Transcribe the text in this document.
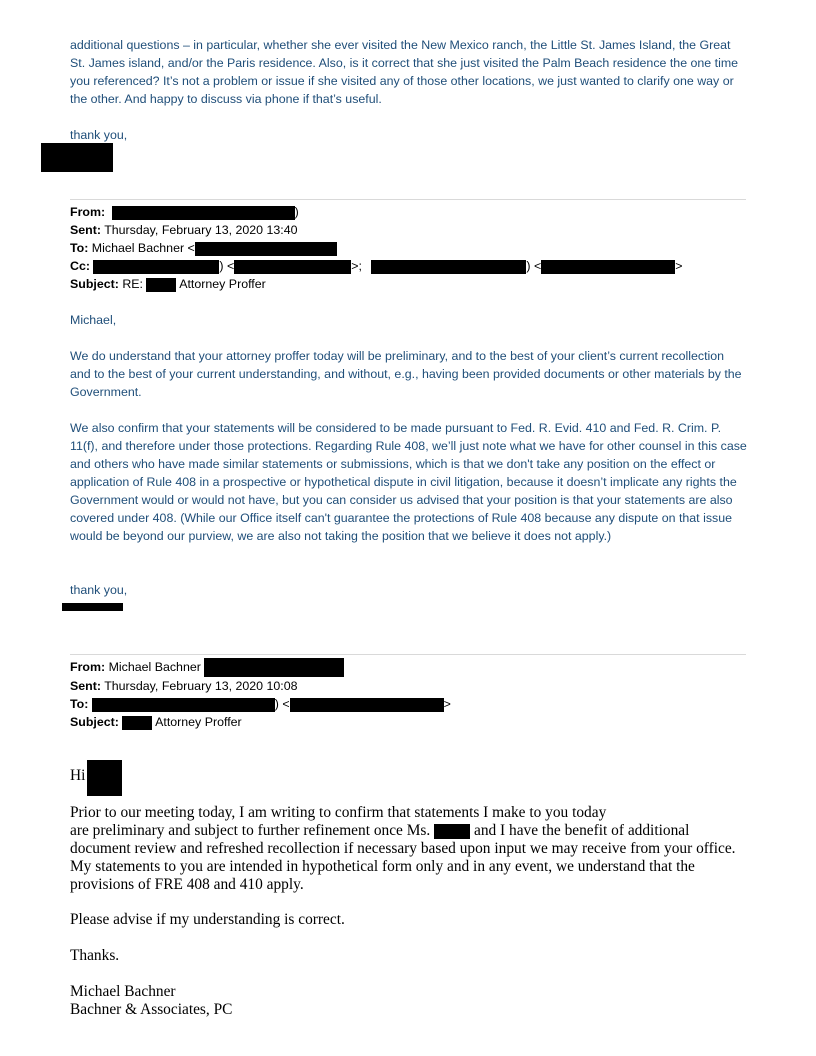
additional questions – in particular, whether she ever visited the New Mexico ranch, the Little St. James Island, the Great St. James island, and/or the Paris residence. Also, is it correct that she just visited the Palm Beach residence the one time you referenced? It’s not a problem or issue if she visited any of those other locations, we just wanted to clarify one way or the other. And happy to discuss via phone if that’s useful.

thank you,

From:	)
Sent: Thursday, February 13, 2020 13:40
To: Michael Bachner <
Cc:	) <	>;	) <	>
Subject: RE:	Attorney Proffer

Michael,

We do understand that your attorney proffer today will be preliminary, and to the best of your client’s current recollection and to the best of your current understanding, and without, e.g., having been provided documents or other materials by the Government.

We also confirm that your statements will be considered to be made pursuant to Fed. R. Evid. 410 and Fed. R. Crim. P. 11(f), and therefore under those protections. Regarding Rule 408, we’ll just note what we have for other counsel in this case and others who have made similar statements or submissions, which is that we don't take any position on the effect or application of Rule 408 in a prospective or hypothetical dispute in civil litigation, because it doesn’t implicate any rights the Government would or would not have, but you can consider us advised that your position is that your statements are also covered under 408. (While our Office itself can't guarantee the protections of Rule 408 because any dispute on that issue would be beyond our purview, we are also not taking the position that we believe it does not apply.)

thank you,

From: Michael Bachner
Sent: Thursday, February 13, 2020 10:08
To:	) <	>
Subject:	Attorney Proffer
Hi
Prior to our meeting today, I am writing to confirm that statements I make to you today
are preliminary and subject to further refinement once Ms.	and I have the benefit of additional
document review and refreshed recollection if necessary based upon input we may receive from your office. My statements to you are intended in hypothetical form only and in any event, we understand that the provisions of FRE 408 and 410 apply.

Please advise if my understanding is correct.

Thanks.

Michael Bachner

Bachner & Associates, PC
